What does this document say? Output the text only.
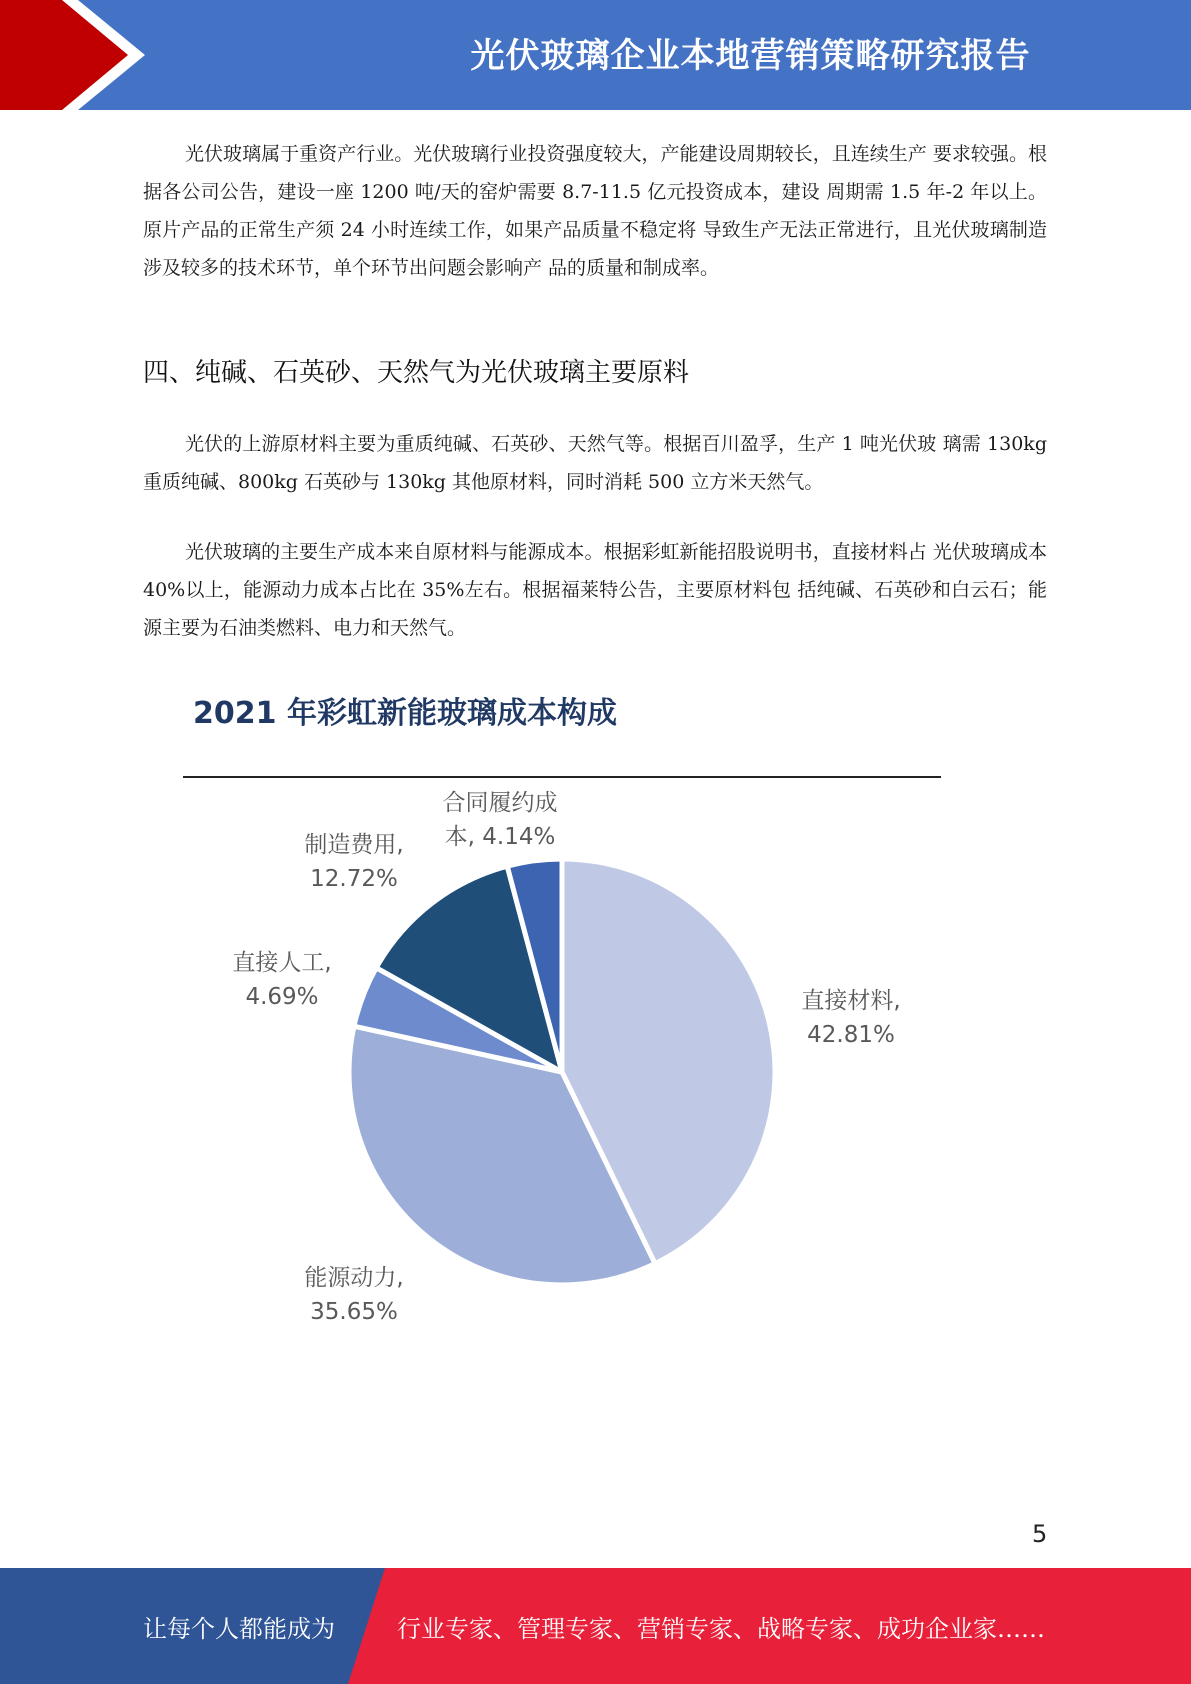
光伏玻璃企业本地营销策略研究报告

光伏玻璃属于重资产行业。光伏玻璃行业投资强度较大，产能建设周期较长，且连续生产 要求较强。根据各公司公告，建设一座 1200 吨/天的窑炉需要 8.7-11.5 亿元投资成本，建设 周期需 1.5 年-2 年以上。原片产品的正常生产须 24 小时连续工作，如果产品质量不稳定将 导致生产无法正常进行，且光伏玻璃制造涉及较多的技术环节，单个环节出问题会影响产 品的质量和制成率。

四、纯碱、石英砂、天然气为光伏玻璃主要原料

光伏的上游原材料主要为重质纯碱、石英砂、天然气等。根据百川盈孚，生产 1 吨光伏玻 璃需 130kg 重质纯碱、800kg 石英砂与 130kg 其他原材料，同时消耗 500 立方米天然气。

光伏玻璃的主要生产成本来自原材料与能源成本。根据彩虹新能招股说明书，直接材料占 光伏玻璃成本 40%以上，能源动力成本占比在 35%左右。根据福莱特公告，主要原材料包 括纯碱、石英砂和白云石；能源主要为石油类燃料、电力和天然气。

2021 年彩虹新能玻璃成本构成
直接材料, 42.81%
能源动力, 35.65%
直接人工, 4.69%
制造费用, 12.72%
合同履约成本, 4.14%
5
让每个人都能成为	行业专家、管理专家、营销专家、战略专家、成功企业家……
